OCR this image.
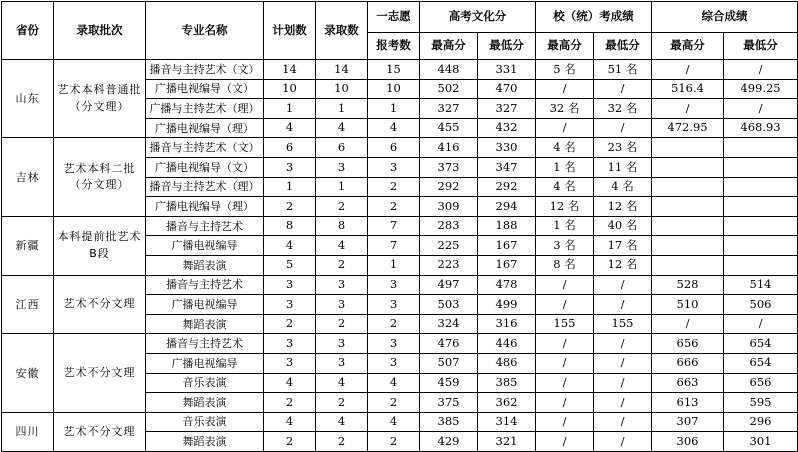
省份	录取批次	专业名称	计划数	录取数	一志愿	高考文化分		校（统）考成绩		综合成绩	
					报考数	最高分	最低分	最高分	最低分	最高分	最低分
山东	艺术本科普通批（分文理）	播音与主持艺术（文）	14	14	15	448	331	5 名	51 名	/	/
		广播电视编导（文）	10	10	10	502	470	/	/	516.4	499.25
		广播与主持艺术（理）	1	1	1	327	327	32 名	32 名	/	/
		广播电视编导（理）	4	4	4	455	432	/	/	472.95	468.93
吉林	艺术本科二批（分文理）	播音与主持艺术（文）	6	6	6	416	330	4 名	23 名		
		广播电视编导（文）	3	3	3	373	347	1 名	11 名		
		播音与主持艺术（理）	1	1	2	292	292	4 名	4 名		
		广播电视编导（理）	2	2	2	309	294	12 名	12 名		
新疆	本科提前批艺术B段	播音与主持艺术	8	8	7	283	188	1 名	40 名		
		广播电视编导	4	4	7	225	167	3 名	17 名		
		舞蹈表演	5	2	1	223	167	8 名	12 名		
江西	艺术不分文理	播音与主持艺术	3	3	3	497	478	/	/	528	514
		广播电视编导	3	3	3	503	499	/	/	510	506
		舞蹈表演	2	2	2	324	316	155	155	/	/
安徽	艺术不分文理	播音与主持艺术	3	3	3	476	446	/	/	656	654
		广播电视编导	3	3	3	507	486	/	/	666	654
		音乐表演	4	4	4	459	385	/	/	663	656
		舞蹈表演	2	2	2	375	362	/	/	613	595
四川	艺术不分文理	音乐表演	4	4	4	385	314	/	/	307	296
		舞蹈表演	2	2	2	429	321	/	/	306	301
